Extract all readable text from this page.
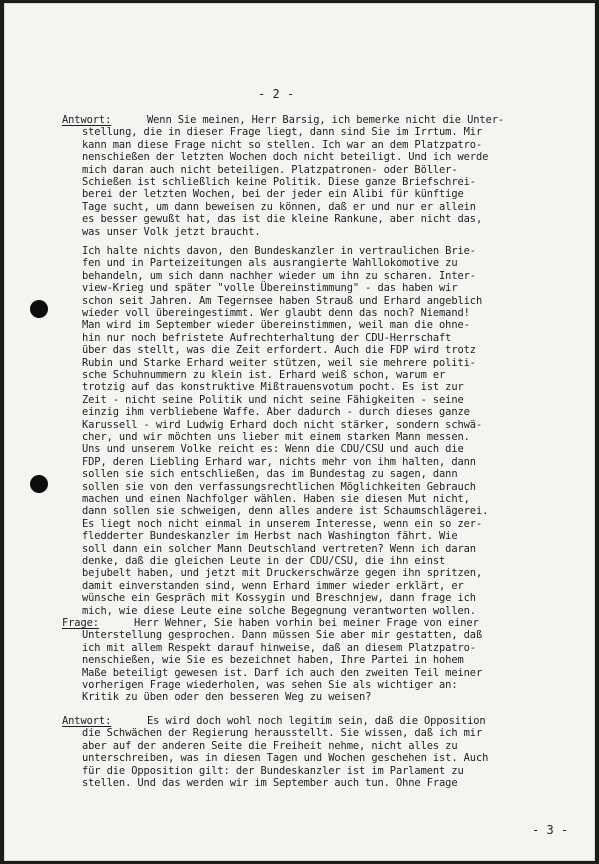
- 2 -
Antwort:	Wenn Sie meinen, Herr Barsig, ich bemerke nicht die Unter-
stellung, die in dieser Frage liegt, dann sind Sie im Irrtum. Mir
kann man diese Frage nicht so stellen. Ich war an dem Platzpatro-
nenschießen der letzten Wochen doch nicht beteiligt. Und ich werde
mich daran auch nicht beteiligen. Platzpatronen- oder Böller-
Schießen ist schließlich keine Politik. Diese ganze Briefschrei-
berei der letzten Wochen, bei der jeder ein Alibi für künftige
Tage sucht, um dann beweisen zu können, daß er und nur er allein
es besser gewußt hat, das ist die kleine Rankune, aber nicht das,
was unser Volk jetzt braucht.
Ich halte nichts davon, den Bundeskanzler in vertraulichen Brie-
fen und in Parteizeitungen als ausrangierte Wahllokomotive zu
behandeln, um sich dann nachher wieder um ihn zu scharen. Inter-
view-Krieg und später "volle Übereinstimmung" - das haben wir
schon seit Jahren. Am Tegernsee haben Strauß und Erhard angeblich
wieder voll übereingestimmt. Wer glaubt denn das noch? Niemand!
Man wird im September wieder übereinstimmen, weil man die ohne-
hin nur noch befristete Aufrechterhaltung der CDU-Herrschaft
über das stellt, was die Zeit erfordert. Auch die FDP wird trotz
Rubin und Starke Erhard weiter stützen, weil sie mehrere politi-
sche Schuhnummern zu klein ist. Erhard weiß schon, warum er
trotzig auf das konstruktive Mißtrauensvotum pocht. Es ist zur
Zeit - nicht seine Politik und nicht seine Fähigkeiten - seine
einzig ihm verbliebene Waffe. Aber dadurch - durch dieses ganze
Karussell - wird Ludwig Erhard doch nicht stärker, sondern schwä-
cher, und wir möchten uns lieber mit einem starken Mann messen.
Uns und unserem Volke reicht es: Wenn die CDU/CSU und auch die
FDP, deren Liebling Erhard war, nichts mehr von ihm halten, dann
sollen sie sich entschließen, das im Bundestag zu sagen, dann
sollen sie von den verfassungsrechtlichen Möglichkeiten Gebrauch
machen und einen Nachfolger wählen. Haben sie diesen Mut nicht,
dann sollen sie schweigen, denn alles andere ist Schaumschlägerei.
Es liegt noch nicht einmal in unserem Interesse, wenn ein so zer-
fledderter Bundeskanzler im Herbst nach Washington fährt. Wie
soll dann ein solcher Mann Deutschland vertreten? Wenn ich daran
denke, daß die gleichen Leute in der CDU/CSU, die ihn einst
bejubelt haben, und jetzt mit Druckerschwärze gegen ihn spritzen,
damit einverstanden sind, wenn Erhard immer wieder erklärt, er
wünsche ein Gespräch mit Kossygin und Breschnjew, dann frage ich
mich, wie diese Leute eine solche Begegnung verantworten wollen.
Frage:	Herr Wehner, Sie haben vorhin bei meiner Frage von einer
Unterstellung gesprochen. Dann müssen Sie aber mir gestatten, daß
ich mit allem Respekt darauf hinweise, daß an diesem Platzpatro-
nenschießen, wie Sie es bezeichnet haben, Ihre Partei in hohem
Maße beteiligt gewesen ist. Darf ich auch den zweiten Teil meiner
vorherigen Frage wiederholen, was sehen Sie als wichtiger an:
Kritik zu üben oder den besseren Weg zu weisen?
Antwort:	Es wird doch wohl noch legitim sein, daß die Opposition
die Schwächen der Regierung herausstellt. Sie wissen, daß ich mir
aber auf der anderen Seite die Freiheit nehme, nicht alles zu
unterschreiben, was in diesen Tagen und Wochen geschehen ist. Auch
für die Opposition gilt: der Bundeskanzler ist im Parlament zu
stellen. Und das werden wir im September auch tun. Ohne Frage
- 3 -
